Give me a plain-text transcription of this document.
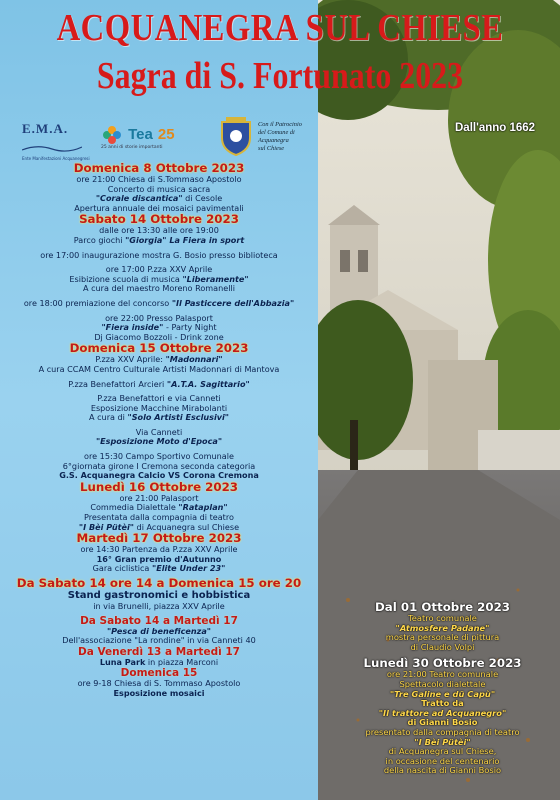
ACQUANEGRA SUL CHIESE
Sagra di S. Fortunato 2023
E.M.A.
Ente Manifestazioni Acquanegresi
Tea 25
25 anni di storie importanti
Con il Patrocinio
del Comune di
Acquanegra
sul Chiese
Dall'anno 1662
Domenica 8 Ottobre 2023
ore 21:00 Chiesa di S.Tommaso Apostolo
Concerto di musica sacra
"Corale discantica" di Cesole
Apertura annuale dei mosaici pavimentali
Sabato 14 Ottobre 2023
dalle ore 13:30 alle ore 19:00
Parco giochi "Giorgia" La Fiera in sport
ore 17:00 inaugurazione mostra G. Bosio presso biblioteca
ore 17:00 P.zza XXV Aprile
Esibizione scuola di musica "Liberamente"
A cura del maestro Moreno Romanelli
ore 18:00 premiazione del concorso "Il Pasticcere dell'Abbazia"
ore 22:00 Presso Palasport
"Fiera inside" - Party Night
Dj Giacomo Bozzoli - Drink zone
Domenica 15 Ottobre 2023
P.zza XXV Aprile: "Madonnari"
A cura CCAM Centro Culturale Artisti Madonnari di Mantova
P.zza Benefattori Arcieri "A.T.A. Sagittario"
P.zza Benefattori e via Canneti
Esposizione Macchine Mirabolanti
A cura di "Solo Artisti Esclusivi"
Via Canneti
"Esposizione Moto d'Epoca"
ore 15:30 Campo Sportivo Comunale
6°giornata girone I Cremona seconda categoria
G.S. Acquanegra Calcio VS Corona Cremona
Lunedì 16 Ottobre 2023
ore 21:00 Palasport
Commedia Dialettale "Rataplan"
Presentata dalla compagnia di teatro
"I Bèi Pütèi" di Acquanegra sul Chiese
Martedì 17 Ottobre 2023
ore 14:30 Partenza da P.zza XXV Aprile
16° Gran premio d'Autunno
Gara ciclistica "Elite Under 23"
Da Sabato 14 ore 14 a Domenica 15 ore 20
Stand gastronomici e hobbistica
in via Brunelli, piazza XXV Aprile
Da Sabato 14 a Martedì 17
"Pesca di beneficenza"
Dell'associazione "La rondine" in via Canneti 40
Da Venerdì 13 a Martedì 17
Luna Park in piazza Marconi
Domenica 15
ore 9-18 Chiesa di S. Tommaso Apostolo
Esposizione mosaici
Dal 01 Ottobre 2023
Teatro comunale
"Atmosfere Padane"
mostra personale di pittura
di Claudio Volpi
Lunedì 30 Ottobre 2023
ore 21:00 Teatro comunale
Spettacolo dialettale
"Tre Galine e dü Capù"
Tratto da
"Il trattore ad Acquanegro"
di Gianni Bosio
presentato dalla compagnia di teatro
"I Bèi Pütèi"
di Acquanegra sul Chiese,
in occasione del centenario
della nascita di Gianni Bosio
